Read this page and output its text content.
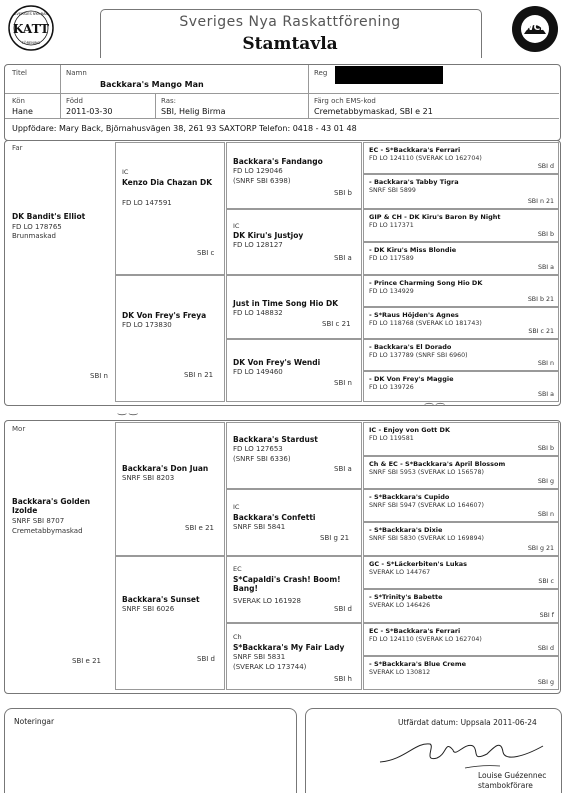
KATT
SVERIGES NYA RAS
FÖRENING
Sveriges Nya Raskattförening
Stamtavla
WCF
Titel	Namn
Backkara's Mango Man
Reg
Kön
Hane
Född
2011-03-30
Ras:
SBI, Helig Birma
Färg och EMS-kod
Cremetabbymaskad, SBI e 21
Uppfödare: Mary Back, Björnahusvägen 38, 261 93 SAXTORP Telefon: 0418 - 43 01 48
Far
DK Bandit's Elliot
FD LO 178765
Brunmaskad
SBI n
IC
Kenzo Dia Chazan DK
FD LO 147591
SBI c
DK Von Frey's Freya
FD LO 173830
SBI n 21
Backkara's Fandango
FD LO 129046
(SNRF SBI 6398)
SBI b
IC
DK Kiru's Justjoy
FD LO 128127
SBI a
Just in Time Song Hio DK
FD LO 148832
SBI c 21
DK Von Frey's Wendi
FD LO 149460
SBI n
EC - S*Backkara's Ferrari
FD LO 124110 (SVERAK LO 162704)
SBI d
- Backkara's Tabby Tigra
SNRF SBI 5899
SBI n 21
GIP & CH - DK Kiru's Baron By Night
FD LO 117371
SBI b
- DK Kiru's Miss Blondie
FD LO 117589
SBI a
- Prince Charming Song Hio DK
FD LO 134929
SBI b 21
- S*Raus Höjden's Agnes
FD LO 118768 (SVERAK LO 181743)
SBI c 21
- Backkara's El Dorado
FD LO 137789 (SNRF SBI 6960)
SBI n
- DK Von Frey's Maggie
FD LO 139726
SBI a
‿ ‿	⁀ ⁀
Mor
Backkara's Golden Izolde
SNRF SBI 8707
Cremetabbymaskad
SBI e 21
Backkara's Don Juan
SNRF SBI 8203
SBI e 21
Backkara's Sunset
SNRF SBI 6026
SBI d
Backkara's Stardust
FD LO 127653
(SNRF SBI 6336)
SBI a
IC
Backkara's Confetti
SNRF SBI 5841
SBI g 21
EC
S*Capaldi's Crash! Boom! Bang!
SVERAK LO 161928
SBI d
Ch
S*Backkara's My Fair Lady
SNRF SBI 5831
(SVERAK LO 173744)
SBI h
IC - Enjoy von Gott DK
FD LO 119581
SBI b
Ch & EC - S*Backkara's April Blossom
SNRF SBI 5953 (SVERAK LO 156578)
SBI g
- S*Backkara's Cupido
SNRF SBI 5947 (SVERAK LO 164607)
SBI n
- S*Backkara's Dixie
SNRF SBI 5830 (SVERAK LO 169894)
SBI g 21
GC - S*Läckerbiten's Lukas
SVERAK LO 144767
SBI c
- S*Trinity's Babette
SVERAK LO 146426
SBI f
EC - S*Backkara's Ferrari
FD LO 124110 (SVERAK LO 162704)
SBI d
- S*Backkara's Blue Creme
SVERAK LO 130812
SBI g
Noteringar	Utfärdat datum: Uppsala 2011-06-24
Louise Guézennec
stambokförare
